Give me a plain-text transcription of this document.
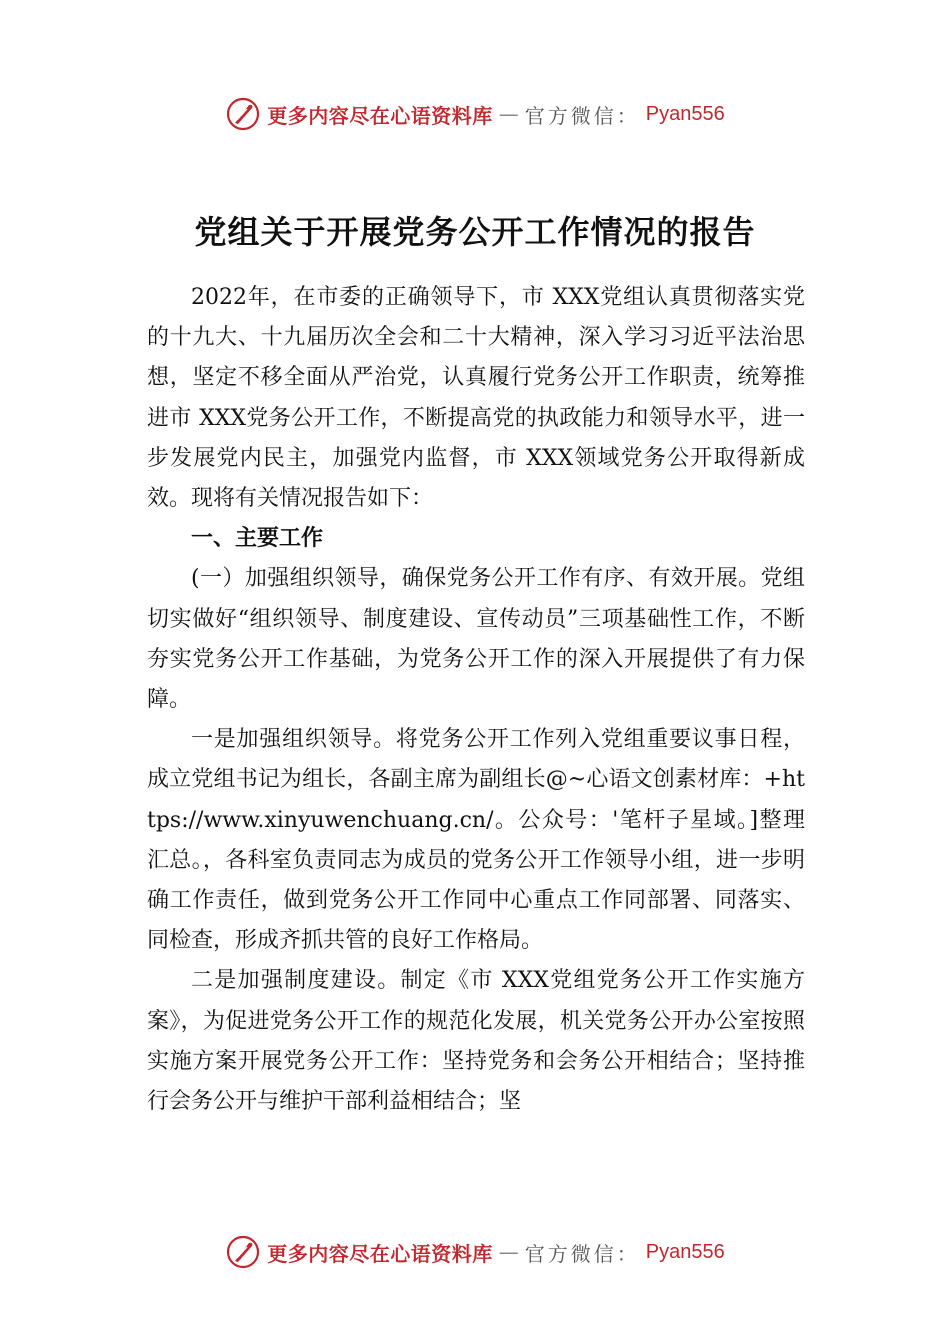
更多内容尽在心语资料库 — 官方微信： Pyan556
党组关于开展党务公开工作情况的报告

2022年，在市委的正确领导下，市 XXX党组认真贯彻落实党的十九大、十九届历次全会和二十大精神，深入学习习近平法治思想，坚定不移全面从严治党，认真履行党务公开工作职责，统筹推进市 XXX党务公开工作，不断提高党的执政能力和领导水平，进一步发展党内民主，加强党内监督，市 XXX领域党务公开取得新成效。现将有关情况报告如下：

一、主要工作

(一）加强组织领导，确保党务公开工作有序、有效开展。党组切实做好“组织领导、制度建设、宣传动员”三项基础性工作，不断夯实党务公开工作基础，为党务公开工作的深入开展提供了有力保障。

一是加强组织领导。将党务公开工作列入党组重要议事日程，成立党组书记为组长，各副主席为副组长@~心语文创素材库：+https://www.xinyuwenchuang.cn/。公众号：'笔杆子星域。]整理汇总。，各科室负责同志为成员的党务公开工作领导小组，进一步明确工作责任，做到党务公开工作同中心重点工作同部署、同落实、同检查，形成齐抓共管的良好工作格局。

二是加强制度建设。制定《市 XXX党组党务公开工作实施方案》，为促进党务公开工作的规范化发展，机关党务公开办公室按照实施方案开展党务公开工作：坚持党务和会务公开相结合；坚持推行会务公开与维护干部利益相结合；坚

更多内容尽在心语资料库 — 官方微信： Pyan556
